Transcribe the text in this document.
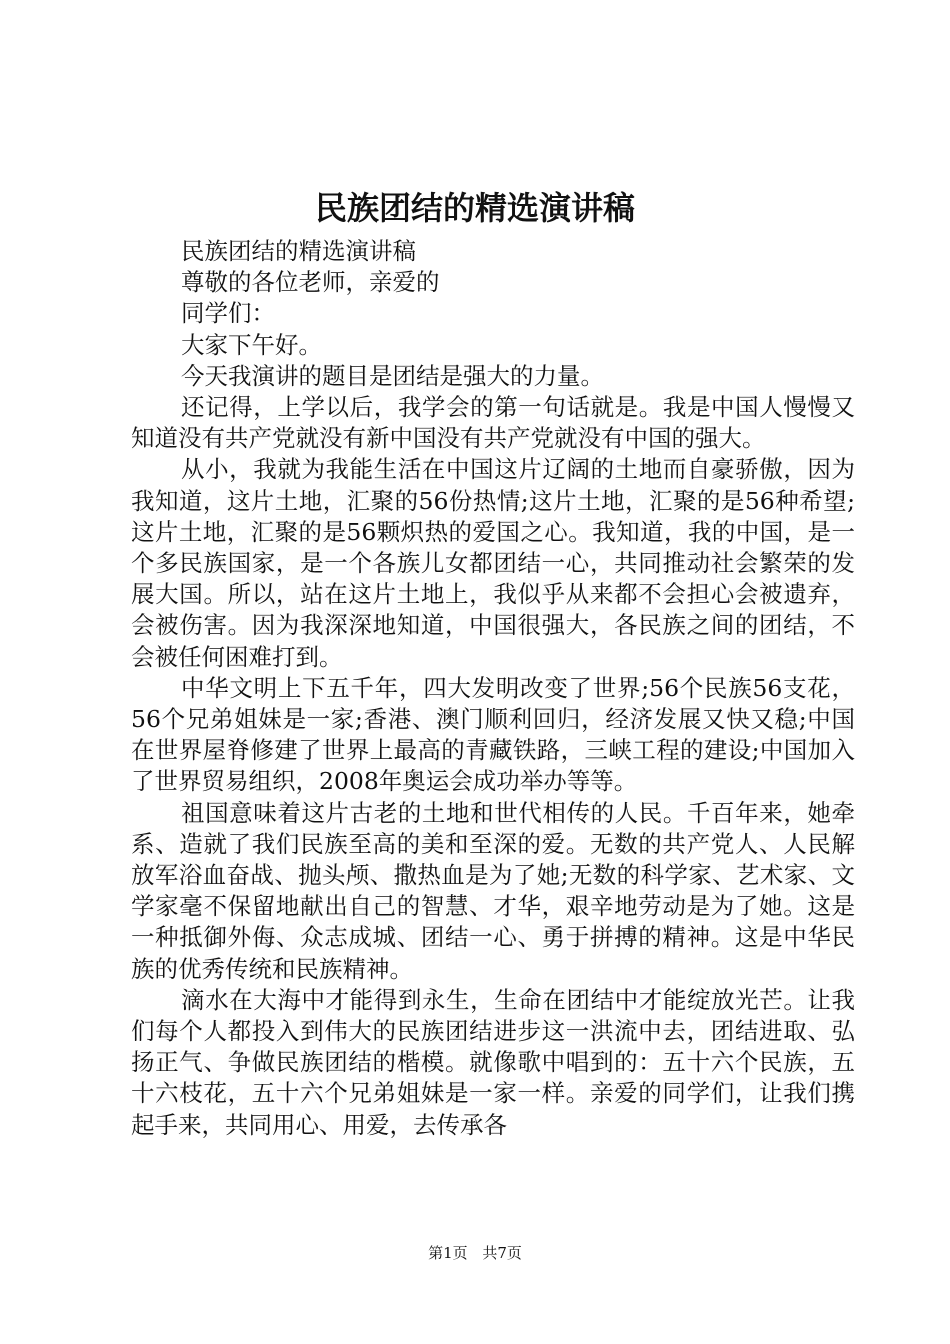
民族团结的精选演讲稿

民族团结的精选演讲稿

尊敬的各位老师，亲爱的

同学们：

大家下午好。

今天我演讲的题目是团结是强大的力量。

还记得，上学以后，我学会的第一句话就是。我是中国人慢慢又知道没有共产党就没有新中国没有共产党就没有中国的强大。

从小，我就为我能生活在中国这片辽阔的土地而自豪骄傲，因为我知道，这片土地，汇聚的56份热情;这片土地，汇聚的是56种希望;这片土地，汇聚的是56颗炽热的爱国之心。我知道，我的中国，是一个多民族国家，是一个各族儿女都团结一心，共同推动社会繁荣的发展大国。所以，站在这片土地上，我似乎从来都不会担心会被遗弃，会被伤害。因为我深深地知道，中国很强大，各民族之间的团结，不会被任何困难打到。

中华文明上下五千年，四大发明改变了世界;56个民族56支花，56个兄弟姐妹是一家;香港、澳门顺利回归，经济发展又快又稳;中国在世界屋脊修建了世界上最高的青藏铁路，三峡工程的建设;中国加入了世界贸易组织，2008年奥运会成功举办等等。

祖国意味着这片古老的土地和世代相传的人民。千百年来，她牵系、造就了我们民族至高的美和至深的爱。无数的共产党人、人民解放军浴血奋战、抛头颅、撒热血是为了她;无数的科学家、艺术家、文学家毫不保留地献出自己的智慧、才华，艰辛地劳动是为了她。这是一种抵御外侮、众志成城、团结一心、勇于拼搏的精神。这是中华民族的优秀传统和民族精神。

滴水在大海中才能得到永生，生命在团结中才能绽放光芒。让我们每个人都投入到伟大的民族团结进步这一洪流中去，团结进取、弘扬正气、争做民族团结的楷模。就像歌中唱到的：五十六个民族，五十六枝花，五十六个兄弟姐妹是一家一样。亲爱的同学们，让我们携起手来，共同用心、用爱，去传承各

第1页 共7页
